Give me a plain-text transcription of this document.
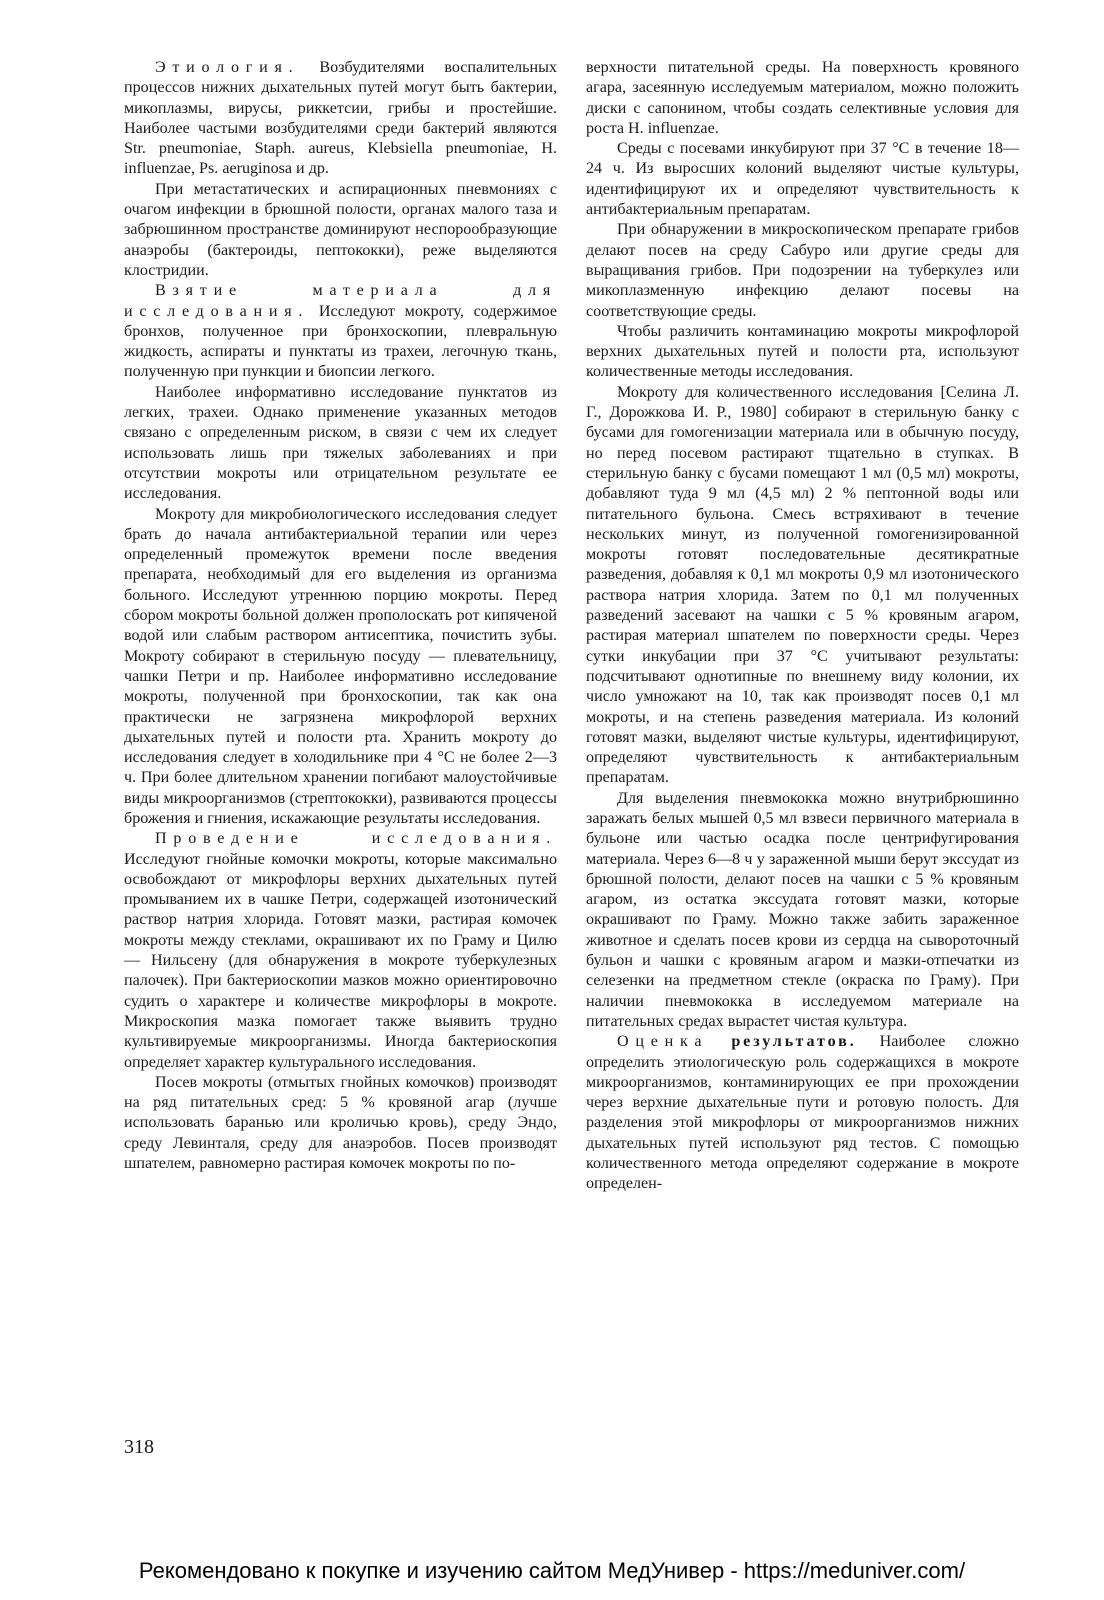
Этиология. Возбудителями воспалительных процессов нижних дыхательных путей могут быть бактерии, микоплазмы, вирусы, риккетсии, грибы и простейшие. Наиболее частыми возбудителями среди бактерий являются Str. pneumoniae, Staph. aureus, Klebsiella pneumoniae, H. influenzae, Ps. aeruginosa и др.

При метастатических и аспирационных пневмониях с очагом инфекции в брюшной полости, органах малого таза и забрюшинном пространстве доминируют неспорообразующие анаэробы (бактероиды, пептококки), реже выделяются клостридии.

Взятие материала для исследования. Исследуют мокроту, содержимое бронхов, полученное при бронхоскопии, плевральную жидкость, аспираты и пунктаты из трахеи, легочную ткань, полученную при пункции и биопсии легкого.

Наиболее информативно исследование пунктатов из легких, трахеи. Однако применение указанных методов связано с определенным риском, в связи с чем их следует использовать лишь при тяжелых заболеваниях и при отсутствии мокроты или отрицательном результате ее исследования.

Мокроту для микробиологического исследования следует брать до начала антибактериальной терапии или через определенный промежуток времени после введения препарата, необходимый для его выделения из организма больного. Исследуют утреннюю порцию мокроты. Перед сбором мокроты больной должен прополоскать рот кипяченой водой или слабым раствором антисептика, почистить зубы. Мокроту собирают в стерильную посуду — плевательницу, чашки Петри и пр. Наиболее информативно исследование мокроты, полученной при бронхоскопии, так как она практически не загрязнена микрофлорой верхних дыхательных путей и полости рта. Хранить мокроту до исследования следует в холодильнике при 4 °С не более 2—3 ч. При более длительном хранении погибают малоустойчивые виды микроорганизмов (стрептококки), развиваются процессы брожения и гниения, искажающие результаты исследования.

Проведение исследования. Исследуют гнойные комочки мокроты, которые максимально освобождают от микрофлоры верхних дыхательных путей промыванием их в чашке Петри, содержащей изотонический раствор натрия хлорида. Готовят мазки, растирая комочек мокроты между стеклами, окрашивают их по Граму и Цилю — Нильсену (для обнаружения в мокроте туберкулезных палочек). При бактериоскопии мазков можно ориентировочно судить о характере и количестве микрофлоры в мокроте. Микроскопия мазка помогает также выявить трудно культивируемые микроорганизмы. Иногда бактериоскопия определяет характер культурального исследования.

Посев мокроты (отмытых гнойных комочков) производят на ряд питательных сред: 5 % кровяной агар (лучше использовать баранью или кроличью кровь), среду Эндо, среду Левинталя, среду для анаэробов. Посев производят шпателем, равномерно растирая комочек мокроты по по-

верхности питательной среды. На поверхность кровяного агара, засеянную исследуемым материалом, можно положить диски с сапонином, чтобы создать селективные условия для роста H. influenzae.

Среды с посевами инкубируют при 37 °С в течение 18—24 ч. Из выросших колоний выделяют чистые культуры, идентифицируют их и определяют чувствительность к антибактериальным препаратам.

При обнаружении в микроскопическом препарате грибов делают посев на среду Сабуро или другие среды для выращивания грибов. При подозрении на туберкулез или микоплазменную инфекцию делают посевы на соответствующие среды.

Чтобы различить контаминацию мокроты микрофлорой верхних дыхательных путей и полости рта, используют количественные методы исследования.

Мокроту для количественного исследования [Селина Л. Г., Дорожкова И. Р., 1980] собирают в стерильную банку с бусами для гомогенизации материала или в обычную посуду, но перед посевом растирают тщательно в ступках. В стерильную банку с бусами помещают 1 мл (0,5 мл) мокроты, добавляют туда 9 мл (4,5 мл) 2 % пептонной воды или питательного бульона. Смесь встряхивают в течение нескольких минут, из полученной гомогенизированной мокроты готовят последовательные десятикратные разведения, добавляя к 0,1 мл мокроты 0,9 мл изотонического раствора натрия хлорида. Затем по 0,1 мл полученных разведений засевают на чашки с 5 % кровяным агаром, растирая материал шпателем по поверхности среды. Через сутки инкубации при 37 °С учитывают результаты: подсчитывают однотипные по внешнему виду колонии, их число умножают на 10, так как производят посев 0,1 мл мокроты, и на степень разведения материала. Из колоний готовят мазки, выделяют чистые культуры, идентифицируют, определяют чувствительность к антибактериальным препаратам.

Для выделения пневмококка можно внутрибрюшинно заражать белых мышей 0,5 мл взвеси первичного материала в бульоне или частью осадка после центрифугирования материала. Через 6—8 ч у зараженной мыши берут экссудат из брюшной полости, делают посев на чашки с 5 % кровяным агаром, из остатка экссудата готовят мазки, которые окрашивают по Граму. Можно также забить зараженное животное и сделать посев крови из сердца на сывороточный бульон и чашки с кровяным агаром и мазки-отпечатки из селезенки на предметном стекле (окраска по Граму). При наличии пневмококка в исследуемом материале на питательных средах вырастет чистая культура.

Оценка результатов. Наиболее сложно определить этиологическую роль содержащихся в мокроте микроорганизмов, контаминирующих ее при прохождении через верхние дыхательные пути и ротовую полость. Для разделения этой микрофлоры от микроорганизмов нижних дыхательных путей используют ряд тестов. С помощью количественного метода определяют содержание в мокроте определен-

318
Рекомендовано к покупке и изучению сайтом МедУнивер - https://meduniver.com/
